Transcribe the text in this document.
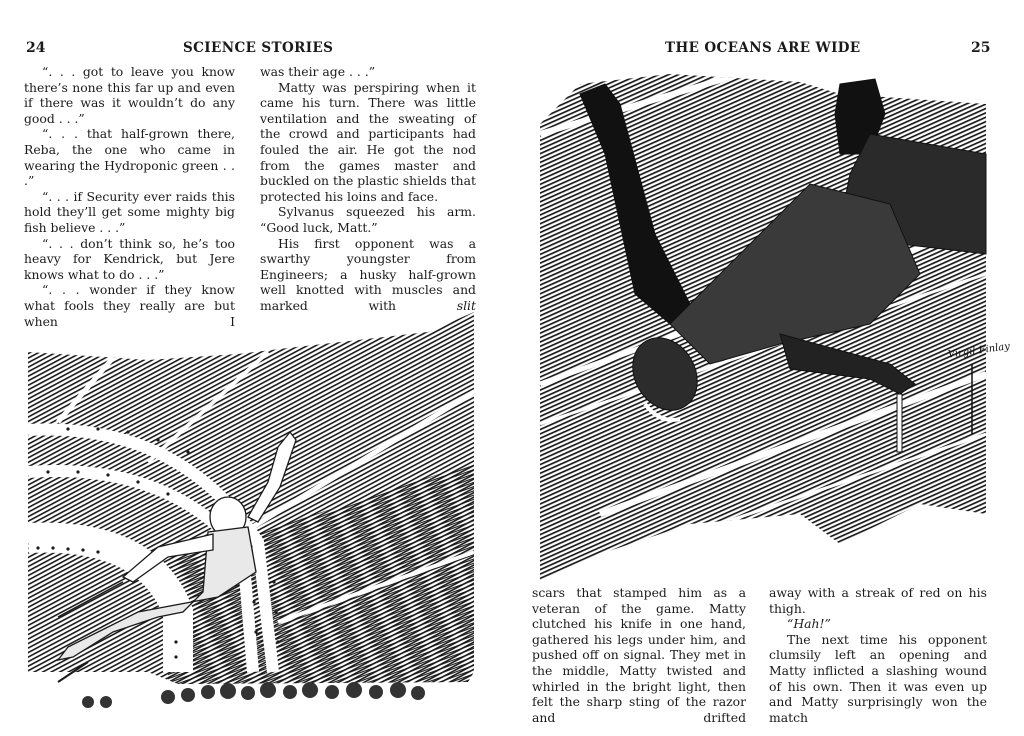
24	SCIENCE STORIES

“. . . got to leave you know there’s none this far up and even if there was it wouldn’t do any good . . .”

“. . . that half-grown there, Reba, the one who came in wearing the Hydroponic green . . .”

“. . . if Security ever raids this hold they’ll get some mighty big fish believe . . .”

“. . . don’t think so, he’s too heavy for Kendrick, but Jere knows what to do . . .”

“. . . wonder if they know what fools they really are but when I

was their age . . .”

Matty was perspiring when it came his turn. There was little ventilation and the sweating of the crowd and participants had fouled the air. He got the nod from the games master and buckled on the plastic shields that protected his loins and face.

Sylvanus squeezed his arm. “Good luck, Matt.”

His first opponent was a swarthy youngster from Engineers; a husky half-grown well knotted with muscles and marked with	slit

THE OCEANS ARE WIDE	25
Virgil Finlay

scars that stamped him as a veteran of the game. Matty clutched his knife in one hand, gathered his legs under him, and pushed off on signal. They met in the middle, Matty twisted and whirled in the bright light, then felt the sharp sting of the razor and drifted

away with a streak of red on his thigh.

“Hah!”

The next time his opponent clumsily left an opening and Matty inflicted a slashing wound of his own. Then it was even up and Matty surprisingly won the match
